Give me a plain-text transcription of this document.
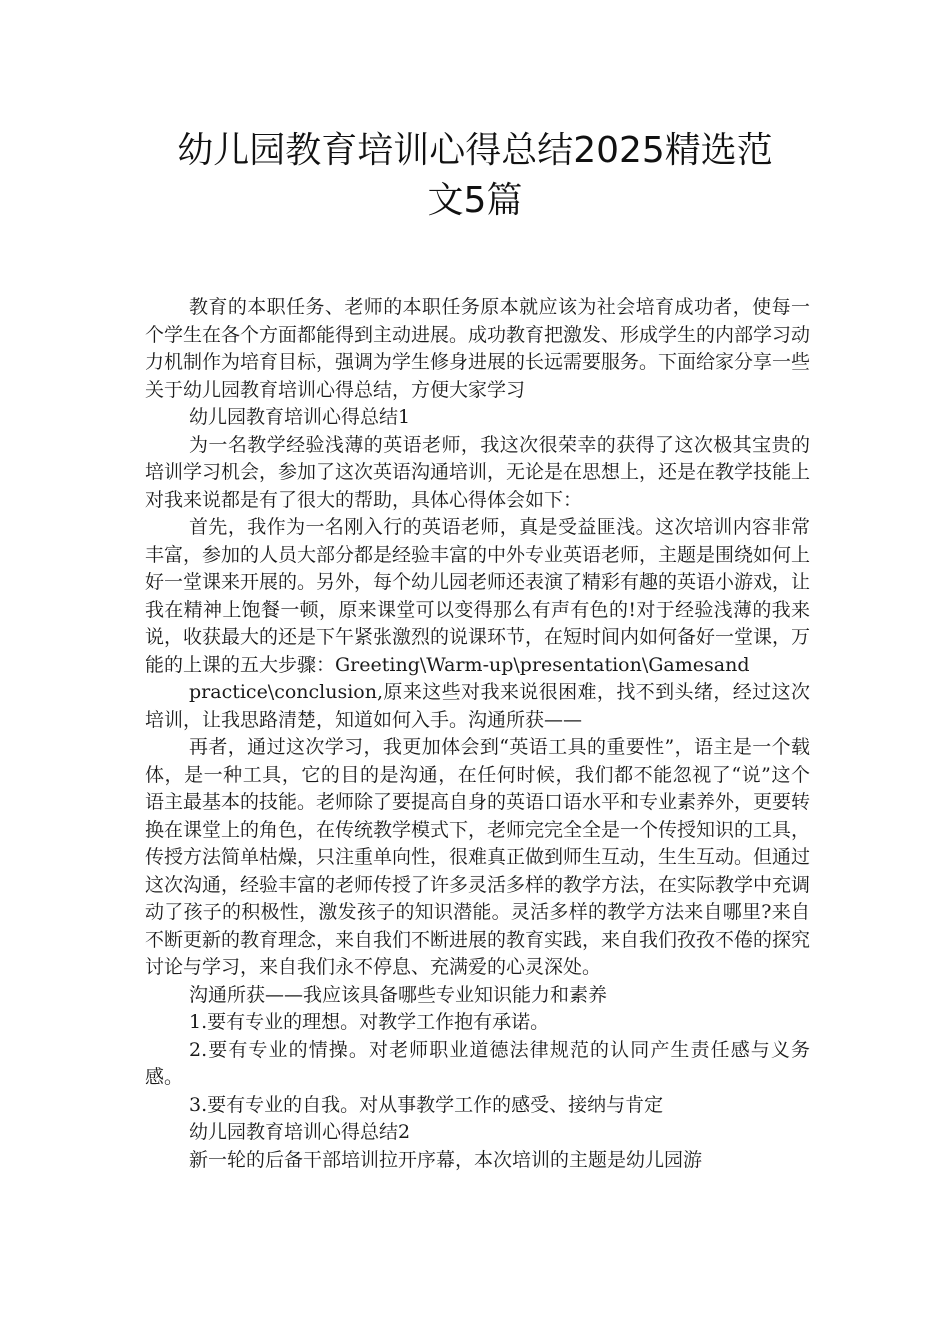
幼儿园教育培训心得总结2025精选范
文5篇

教育的本职任务、老师的本职任务原本就应该为社会培育成功者，使每一个学生在各个方面都能得到主动进展。成功教育把激发、形成学生的内部学习动力机制作为培育目标，强调为学生修身进展的长远需要服务。下面给家分享一些关于幼儿园教育培训心得总结，方便大家学习

幼儿园教育培训心得总结1

为一名教学经验浅薄的英语老师，我这次很荣幸的获得了这次极其宝贵的培训学习机会，参加了这次英语沟通培训，无论是在思想上，还是在教学技能上对我来说都是有了很大的帮助，具体心得体会如下：

首先，我作为一名刚入行的英语老师，真是受益匪浅。这次培训内容非常丰富，参加的人员大部分都是经验丰富的中外专业英语老师，主题是围绕如何上好一堂课来开展的。另外，每个幼儿园老师还表演了精彩有趣的英语小游戏，让我在精神上饱餐一顿，原来课堂可以变得那么有声有色的!对于经验浅薄的我来说，收获最大的还是下午紧张激烈的说课环节，在短时间内如何备好一堂课，万能的上课的五大步骤：Greeting\Warm-up\presentation\Gamesand

practice\conclusion,原来这些对我来说很困难，找不到头绪，经过这次培训，让我思路清楚，知道如何入手。沟通所获——

再者，通过这次学习，我更加体会到“英语工具的重要性”，语主是一个载体，是一种工具，它的目的是沟通，在任何时候，我们都不能忽视了“说”这个语主最基本的技能。老师除了要提高自身的英语口语水平和专业素养外，更要转换在课堂上的角色，在传统教学模式下，老师完完全全是一个传授知识的工具，传授方法简单枯燥，只注重单向性，很难真正做到师生互动，生生互动。但通过这次沟通，经验丰富的老师传授了许多灵活多样的教学方法，在实际教学中充调动了孩子的积极性，激发孩子的知识潜能。灵活多样的教学方法来自哪里?来自不断更新的教育理念，来自我们不断进展的教育实践，来自我们孜孜不倦的探究讨论与学习，来自我们永不停息、充满爱的心灵深处。

沟通所获——我应该具备哪些专业知识能力和素养

1.要有专业的理想。对教学工作抱有承诺。

2.要有专业的情操。对老师职业道德法律规范的认同产生责任感与义务感。

3.要有专业的自我。对从事教学工作的感受、接纳与肯定

幼儿园教育培训心得总结2

新一轮的后备干部培训拉开序幕，本次培训的主题是幼儿园游
